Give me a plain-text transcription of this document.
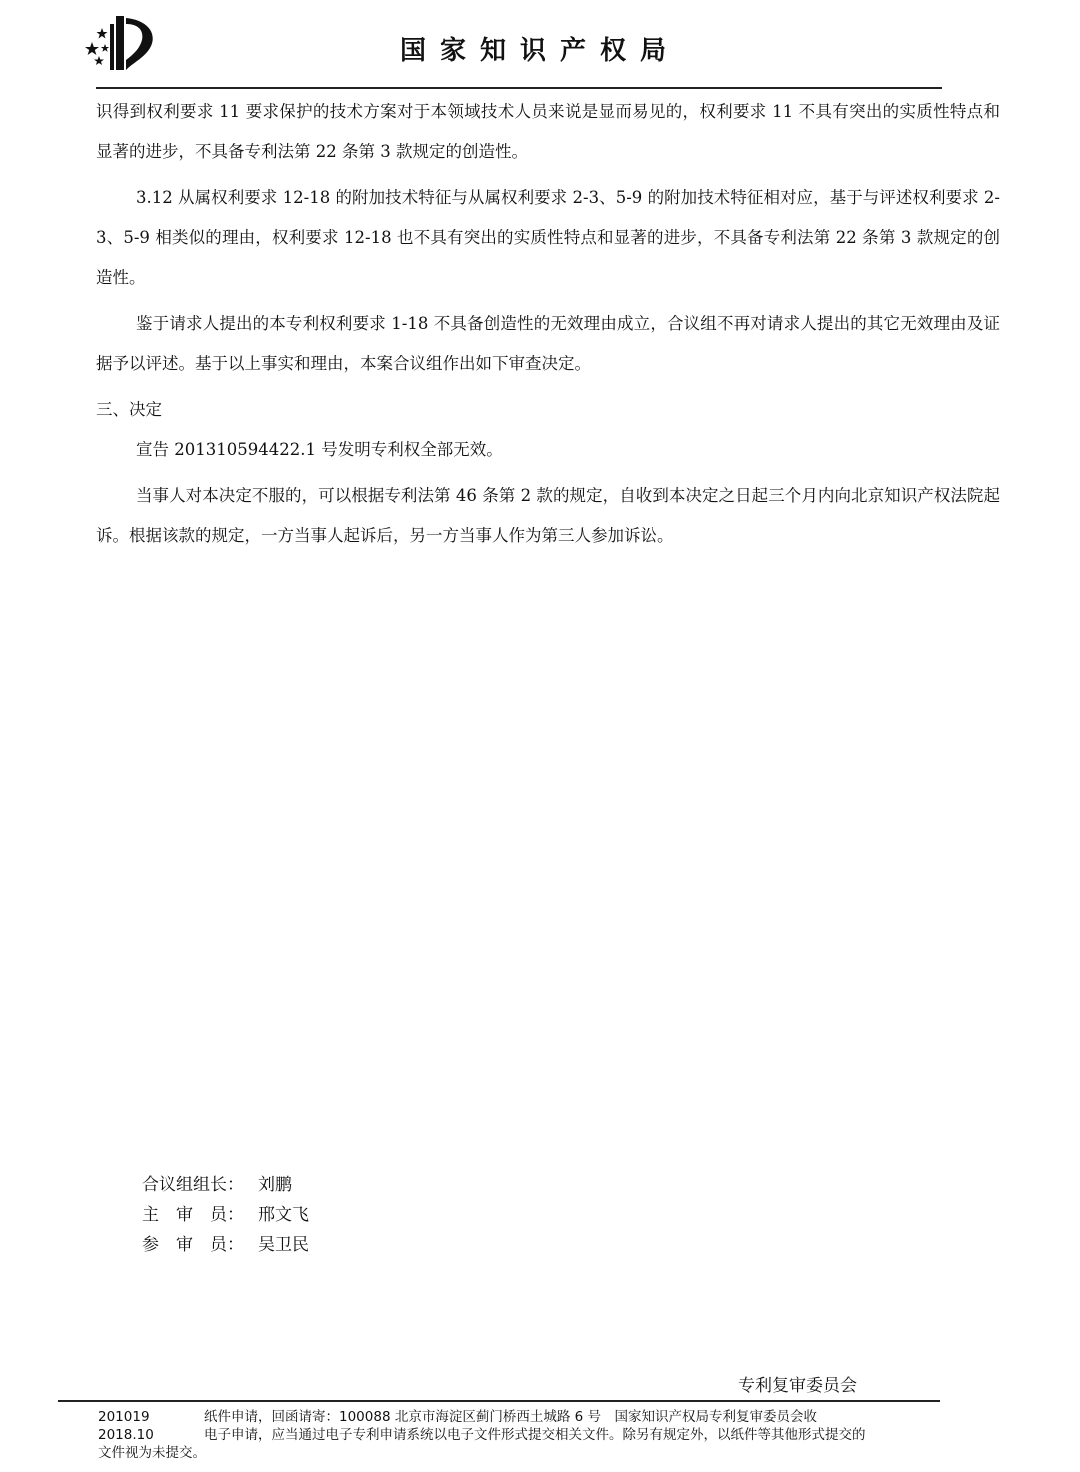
国家知识产权局

识得到权利要求 11 要求保护的技术方案对于本领域技术人员来说是显而易见的，权利要求 11 不具有突出的实质性特点和显著的进步，不具备专利法第 22 条第 3 款规定的创造性。

3.12 从属权利要求 12-18 的附加技术特征与从属权利要求 2-3、5-9 的附加技术特征相对应，基于与评述权利要求 2-3、5-9 相类似的理由，权利要求 12-18 也不具有突出的实质性特点和显著的进步，不具备专利法第 22 条第 3 款规定的创造性。

鉴于请求人提出的本专利权利要求 1-18 不具备创造性的无效理由成立，合议组不再对请求人提出的其它无效理由及证据予以评述。基于以上事实和理由，本案合议组作出如下审查决定。

三、决定

宣告 201310594422.1 号发明专利权全部无效。

当事人对本决定不服的，可以根据专利法第 46 条第 2 款的规定，自收到本决定之日起三个月内向北京知识产权法院起诉。根据该款的规定，一方当事人起诉后，另一方当事人作为第三人参加诉讼。

合议组组长： 刘鹏
主　审　员： 邢文飞
参　审　员： 吴卫民
专利复审委员会
201019	纸件申请，回函请寄：100088 北京市海淀区蓟门桥西土城路 6 号　国家知识产权局专利复审委员会收
2018.10	电子申请，应当通过电子专利申请系统以电子文件形式提交相关文件。除另有规定外，以纸件等其他形式提交的
文件视为未提交。
